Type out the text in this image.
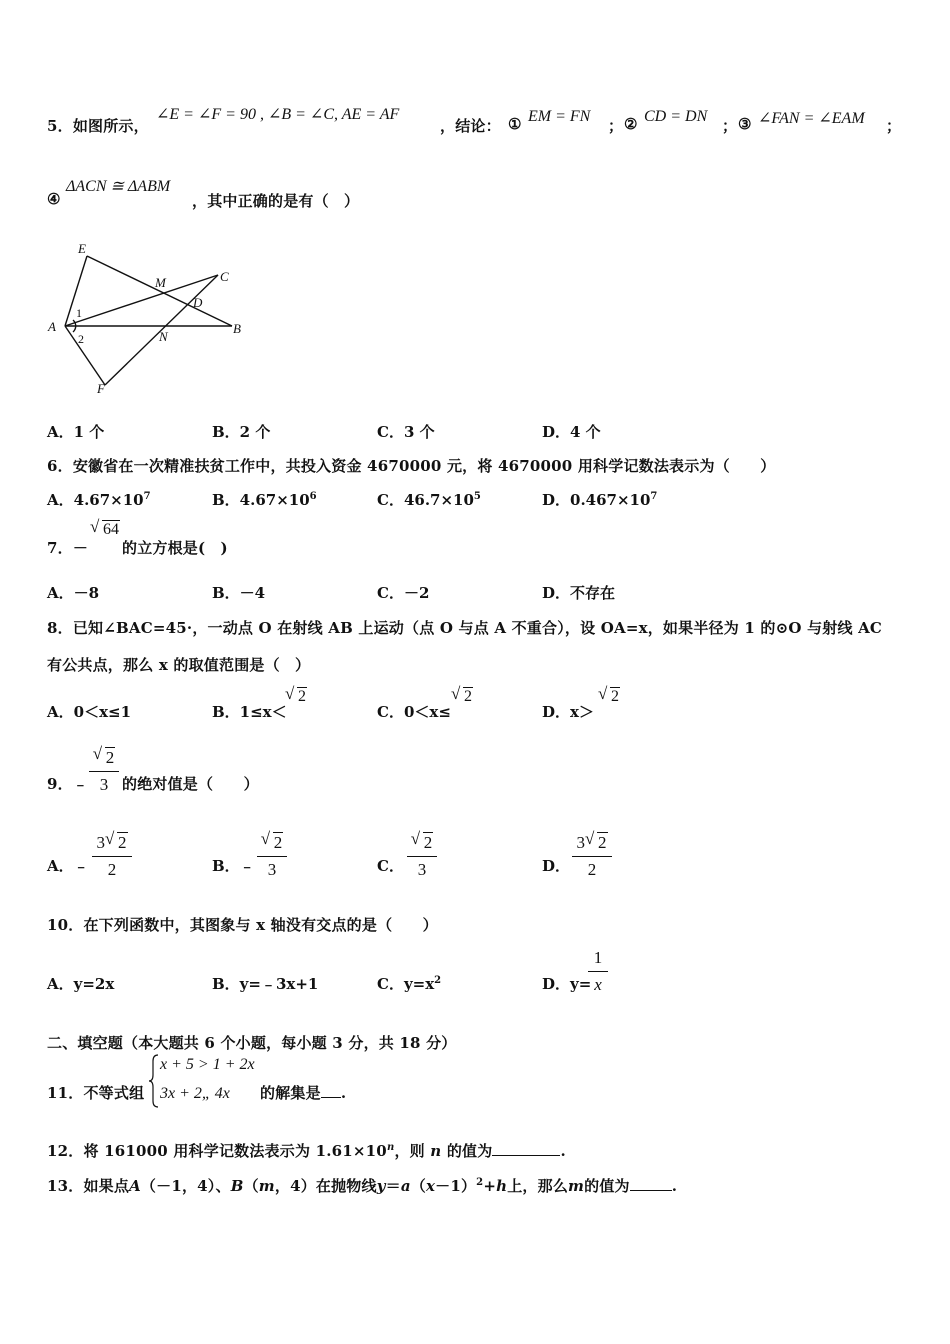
5．如图所示，
∠E = ∠F = 90 , ∠B = ∠C, AE = AF
，结论： ① EM = FN
； ② CD = DN
； ③ ∠FAN = ∠EAM ；
④
ΔACN ≅ ΔABM
，其中正确的是有（　）
E
M	C
D
A	B
N
F
1
2
A．1 个	B．2 个	C．3 个	D．4 个
6．安徽省在一次精准扶贫工作中，共投入资金 4670000 元，将 4670000 用科学记数法表示为（　　）
A．$4.67\times 10^7$	B．$4.67\times 10^6$	C．$46.7\times 10^5$	D．$0.467\times 10^7$
7．－
√ 64
的立方根是(　)
A．－8	B．－4	C．－2	D．不存在
8．已知∠BAC=45·，一动点 O 在射线 AB 上运动（点 O 与点 A 不重合），设 OA=x，如果半径为 1 的⊙O 与射线 AC
有公共点，那么 x 的取值范围是（　）
A．0＜x≤1	B．1≤x＜
√ 2
C．0＜x≤
√ 2
D．x＞
√ 2
9．﹣
√ 2
3 的绝对值是（　　）
A．﹣
3 √ 2
2	B．﹣
√ 2
3	C．
√ 2
3	D．
3 √ 2
2
10．在下列函数中，其图象与 x 轴没有交点的是（　　）
A．y=2x	B．y=﹣3x+1	C．$y=x^2$	D．y=
1
x
二、填空题（本大题共 6 个小题，每小题 3 分，共 18 分）
11．不等式组
x + 5 > 1 + 2x
3x + 2„ 4x 的解集是 .
12．将 161000 用科学记数法表示为 $1.61\times 10^n$，则 n 的值为	.
13．如果点A（－1，4）、B（m，4）在抛物线$y=a(x-1)^2+h$上，那么m的值为	.
